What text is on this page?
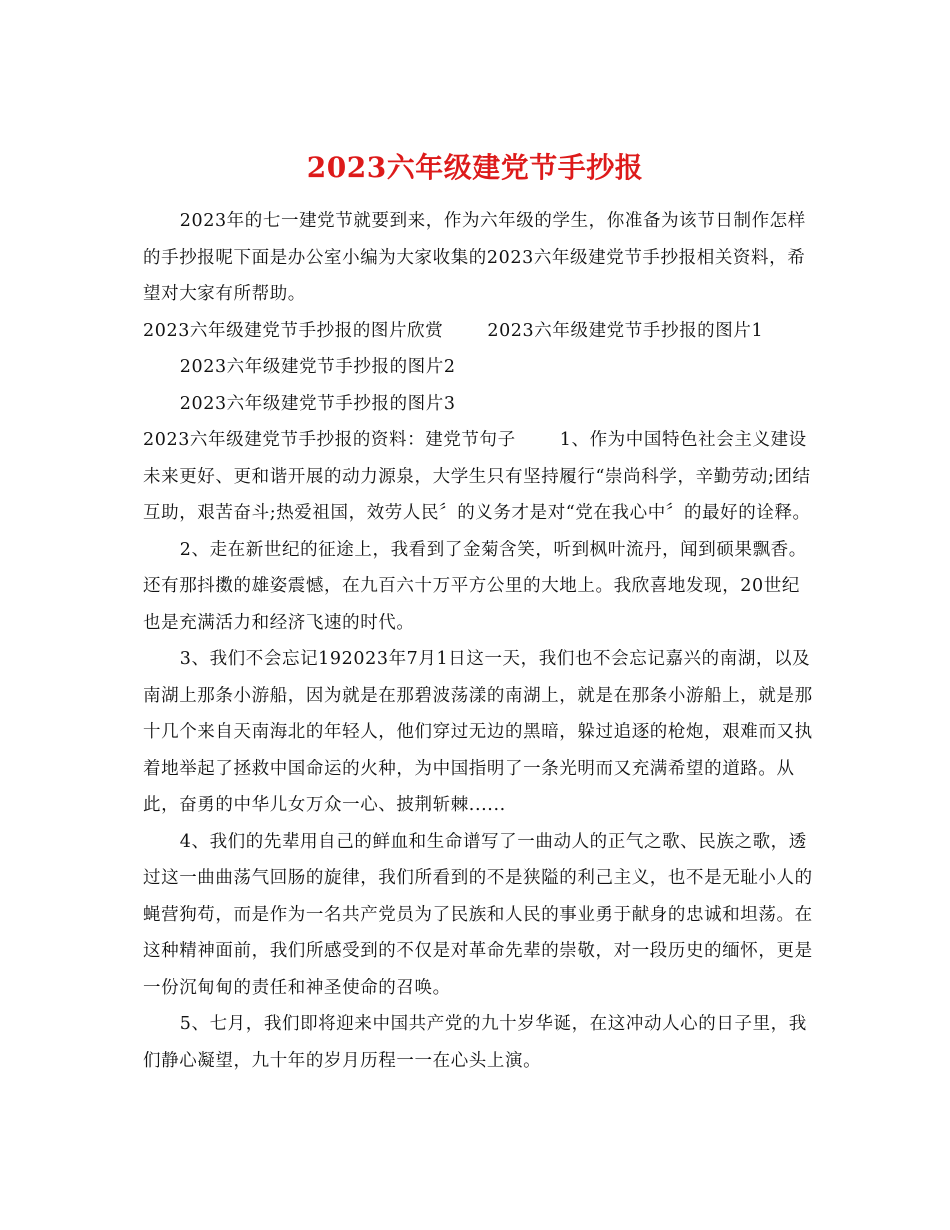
2023六年级建党节手抄报

2023年的七一建党节就要到来，作为六年级的学生，你准备为该节日制作怎样的手抄报呢下面是办公室小编为大家收集的2023六年级建党节手抄报相关资料，希望对大家有所帮助。

2023六年级建党节手抄报的图片欣赏	2023六年级建党节手抄报的图片1

2023六年级建党节手抄报的图片2

2023六年级建党节手抄报的图片3

2023六年级建党节手抄报的资料：建党节句子	1、作为中国特色社会主义建设未来更好、更和谐开展的动力源泉，大学生只有坚持履行“崇尚科学，辛勤劳动;团结互助，艰苦奋斗;热爱祖国，效劳人民〞的义务才是对“党在我心中〞的最好的诠释。

2、走在新世纪的征途上，我看到了金菊含笑，听到枫叶流丹，闻到硕果飘香。还有那抖擞的雄姿震憾，在九百六十万平方公里的大地上。我欣喜地发现，20世纪也是充满活力和经济飞速的时代。

3、我们不会忘记192023年7月1日这一天，我们也不会忘记嘉兴的南湖，以及南湖上那条小游船，因为就是在那碧波荡漾的南湖上，就是在那条小游船上，就是那十几个来自天南海北的年轻人，他们穿过无边的黑暗，躲过追逐的枪炮，艰难而又执着地举起了拯救中国命运的火种，为中国指明了一条光明而又充满希望的道路。从此，奋勇的中华儿女万众一心、披荆斩棘......

4、我们的先辈用自己的鲜血和生命谱写了一曲动人的正气之歌、民族之歌，透过这一曲曲荡气回肠的旋律，我们所看到的不是狭隘的利己主义，也不是无耻小人的蝇营狗苟，而是作为一名共产党员为了民族和人民的事业勇于献身的忠诚和坦荡。在这种精神面前，我们所感受到的不仅是对革命先辈的崇敬，对一段历史的缅怀，更是一份沉甸甸的责任和神圣使命的召唤。

5、七月，我们即将迎来中国共产党的九十岁华诞，在这冲动人心的日子里，我们静心凝望，九十年的岁月历程一一在心头上演。
